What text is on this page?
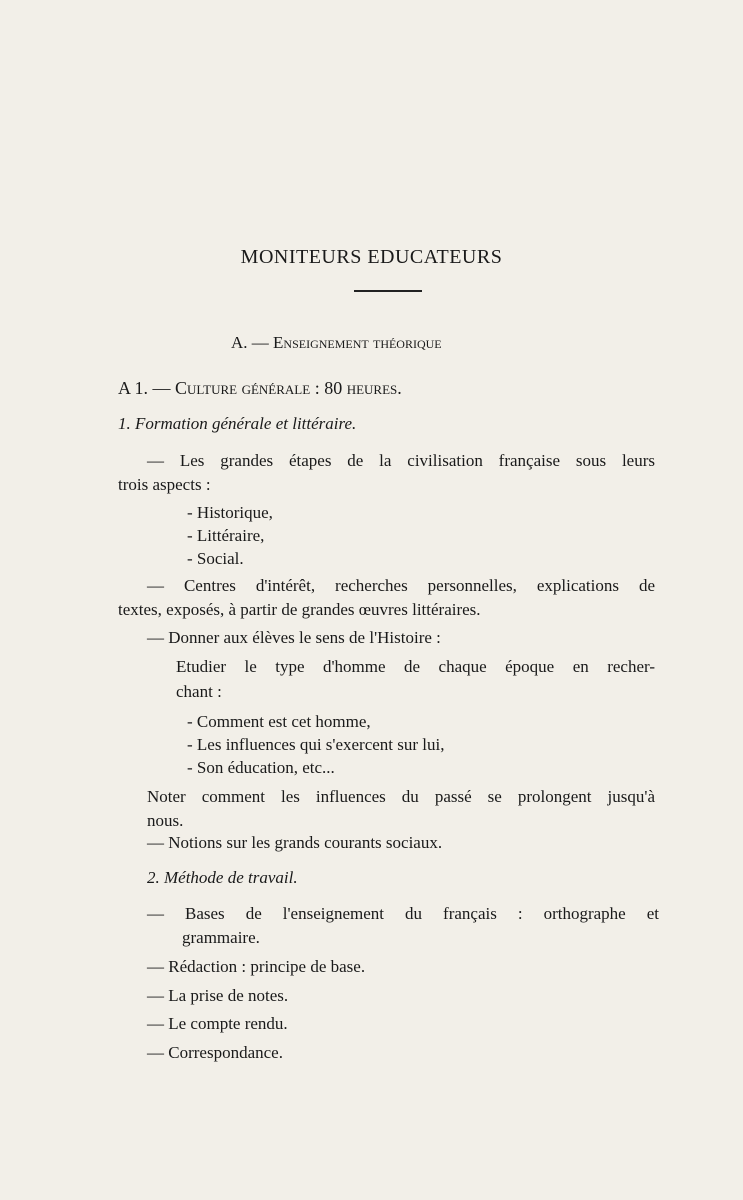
MONITEURS EDUCATEURS
A. — Enseignement théorique
A 1. — Culture générale : 80 heures.
1. Formation générale et littéraire.
— Les grandes étapes de la civilisation française sous leurs
trois aspects :
- Historique,
- Littéraire,
- Social.
— Centres d'intérêt, recherches personnelles, explications de
textes, exposés, à partir de grandes œuvres littéraires.
— Donner aux élèves le sens de l'Histoire :
Etudier le type d'homme de chaque époque en recher-
chant :
- Comment est cet homme,
- Les influences qui s'exercent sur lui,
- Son éducation, etc...
Noter comment les influences du passé se prolongent jusqu'à
nous.
— Notions sur les grands courants sociaux.
2. Méthode de travail.
— Bases de l'enseignement du français : orthographe et
grammaire.
— Rédaction : principe de base.
— La prise de notes.
— Le compte rendu.
— Correspondance.
